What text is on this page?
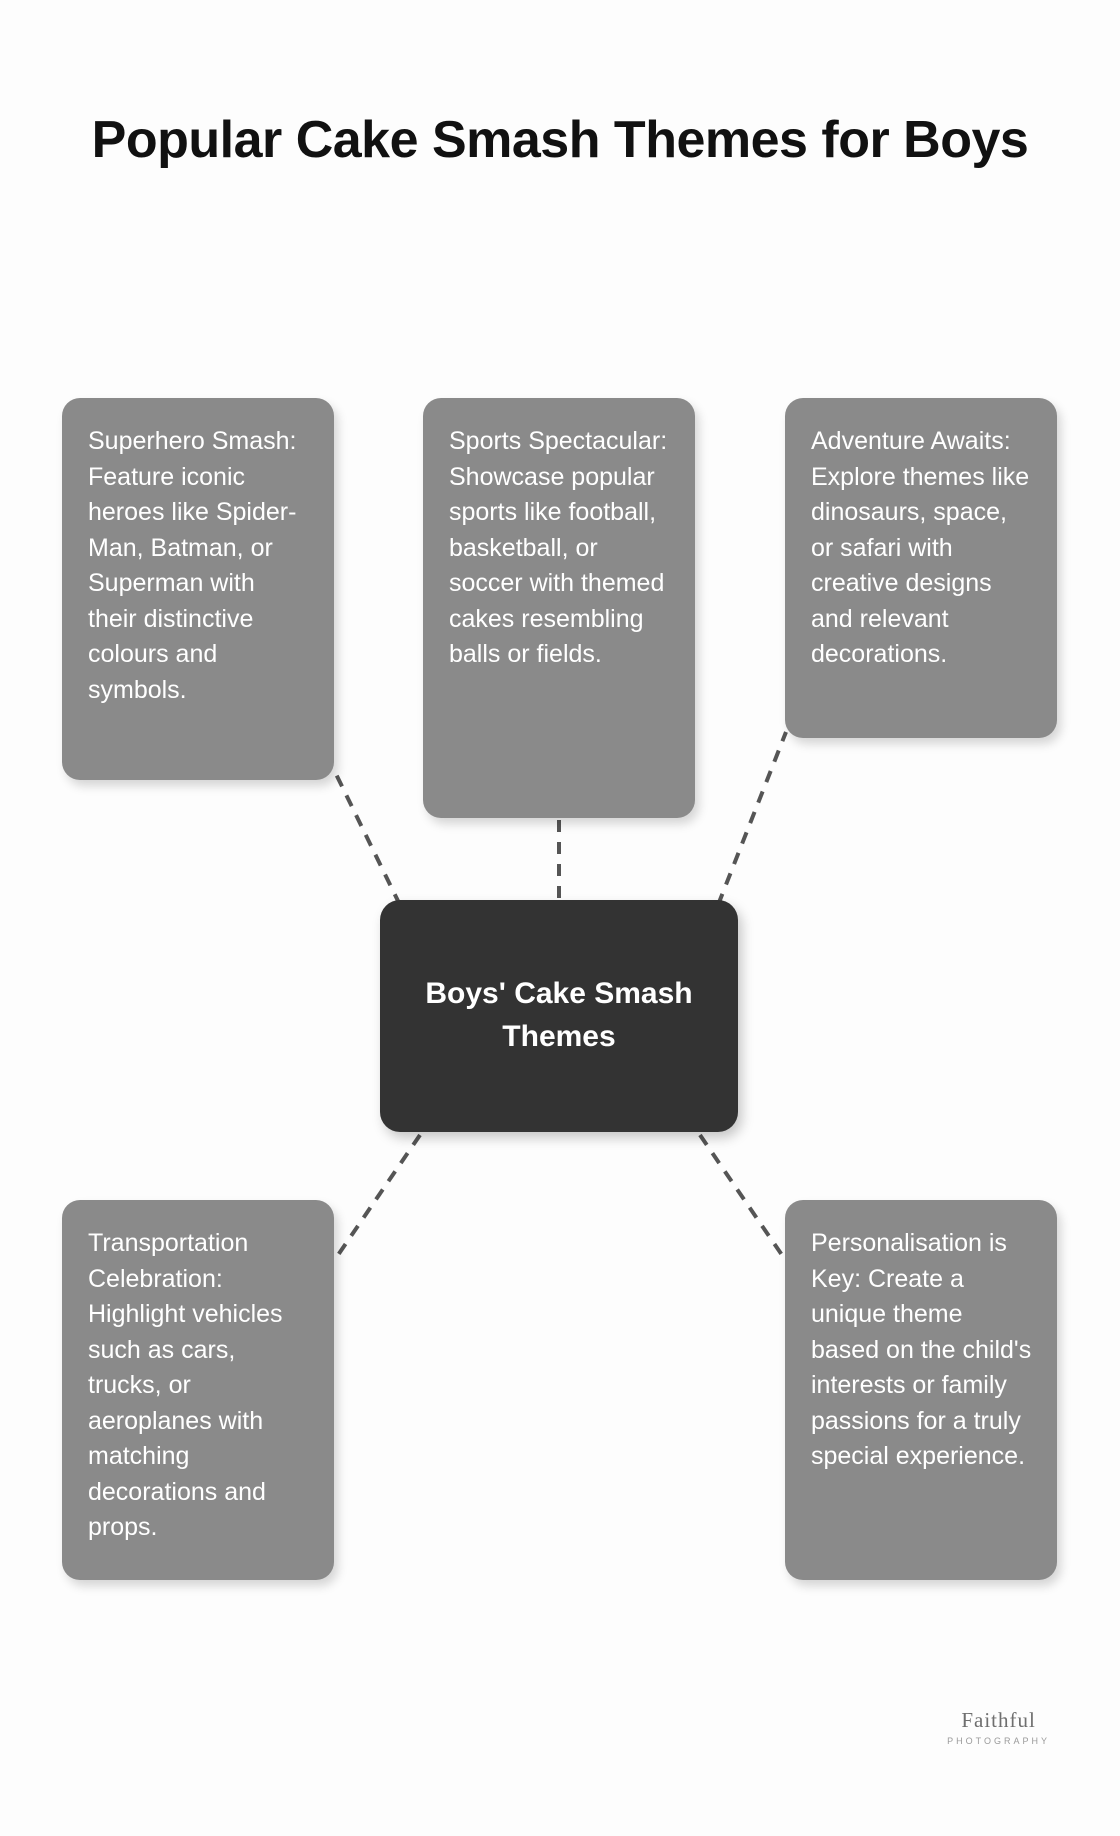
Popular Cake Smash Themes for Boys
Superhero Smash: Feature iconic heroes like Spider-Man, Batman, or Superman with their distinctive colours and symbols.
Sports Spectacular: Showcase popular sports like football, basketball, or soccer with themed cakes resembling balls or fields.
Adventure Awaits: Explore themes like dinosaurs, space, or safari with creative designs and relevant decorations.
Boys' Cake Smash Themes
Transportation Celebration: Highlight vehicles such as cars, trucks, or aeroplanes with matching decorations and props.
Personalisation is Key: Create a unique theme based on the child's interests or family passions for a truly special experience.
Faithful
PHOTOGRAPHY
